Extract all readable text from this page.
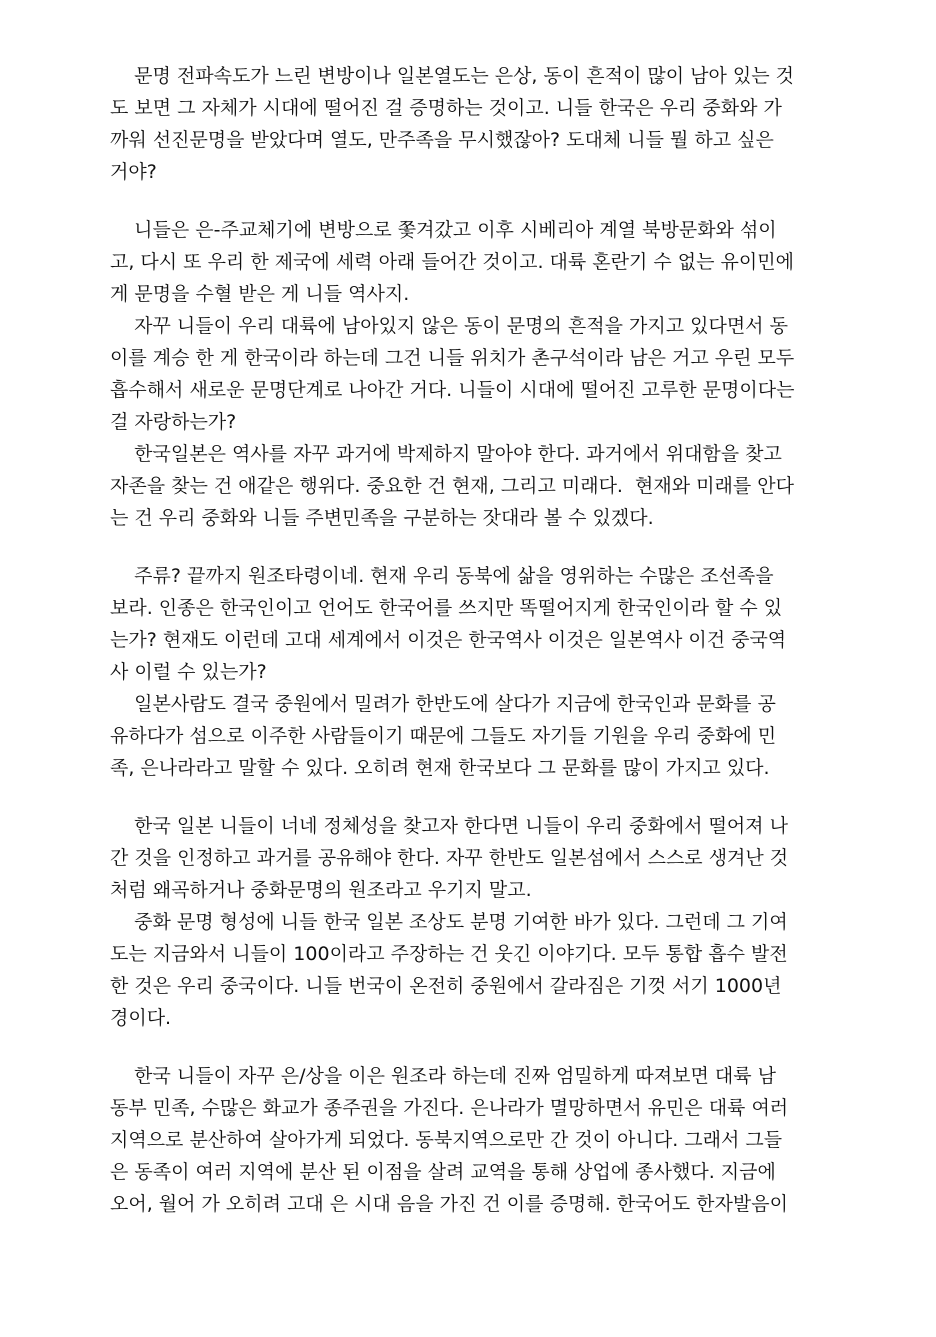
문명 전파속도가 느린 변방이나 일본열도는 은상, 동이 흔적이 많이 남아 있는 것
도 보면 그 자체가 시대에 떨어진 걸 증명하는 것이고. 니들 한국은 우리 중화와 가
까워 선진문명을 받았다며 열도, 만주족을 무시했잖아? 도대체 니들 뭘 하고 싶은
거야?
니들은 은-주교체기에 변방으로 쫓겨갔고 이후 시베리아 계열 북방문화와 섞이
고, 다시 또 우리 한 제국에 세력 아래 들어간 것이고. 대륙 혼란기 수 없는 유이민에
게 문명을 수혈 받은 게 니들 역사지.
자꾸 니들이 우리 대륙에 남아있지 않은 동이 문명의 흔적을 가지고 있다면서 동
이를 계승 한 게 한국이라 하는데 그건 니들 위치가 촌구석이라 남은 거고 우린 모두
흡수해서 새로운 문명단계로 나아간 거다. 니들이 시대에 떨어진 고루한 문명이다는
걸 자랑하는가?
한국일본은 역사를 자꾸 과거에 박제하지 말아야 한다. 과거에서 위대함을 찾고
자존을 찾는 건 애같은 행위다. 중요한 건 현재, 그리고 미래다.  현재와 미래를 안다
는 건 우리 중화와 니들 주변민족을 구분하는 잣대라 볼 수 있겠다.
주류? 끝까지 원조타령이네. 현재 우리 동북에 삶을 영위하는 수많은 조선족을
보라. 인종은 한국인이고 언어도 한국어를 쓰지만 똑떨어지게 한국인이라 할 수 있
는가? 현재도 이런데 고대 세계에서 이것은 한국역사 이것은 일본역사 이건 중국역
사 이럴 수 있는가?
일본사람도 결국 중원에서 밀려가 한반도에 살다가 지금에 한국인과 문화를 공
유하다가 섬으로 이주한 사람들이기 때문에 그들도 자기들 기원을 우리 중화에 민
족, 은나라라고 말할 수 있다. 오히려 현재 한국보다 그 문화를 많이 가지고 있다.
한국 일본 니들이 너네 정체성을 찾고자 한다면 니들이 우리 중화에서 떨어져 나
간 것을 인정하고 과거를 공유해야 한다. 자꾸 한반도 일본섬에서 스스로 생겨난 것
처럼 왜곡하거나 중화문명의 원조라고 우기지 말고.
중화 문명 형성에 니들 한국 일본 조상도 분명 기여한 바가 있다. 그런데 그 기여
도는 지금와서 니들이 100이라고 주장하는 건 웃긴 이야기다. 모두 통합 흡수 발전
한 것은 우리 중국이다. 니들 번국이 온전히 중원에서 갈라짐은 기껏 서기 1000년
경이다.
한국 니들이 자꾸 은/상을 이은 원조라 하는데 진짜 엄밀하게 따져보면 대륙 남
동부 민족, 수많은 화교가 종주권을 가진다. 은나라가 멸망하면서 유민은 대륙 여러
지역으로 분산하여 살아가게 되었다. 동북지역으로만 간 것이 아니다. 그래서 그들
은 동족이 여러 지역에 분산 된 이점을 살려 교역을 통해 상업에 종사했다. 지금에
오어, 월어 가 오히려 고대 은 시대 음을 가진 건 이를 증명해. 한국어도 한자발음이
